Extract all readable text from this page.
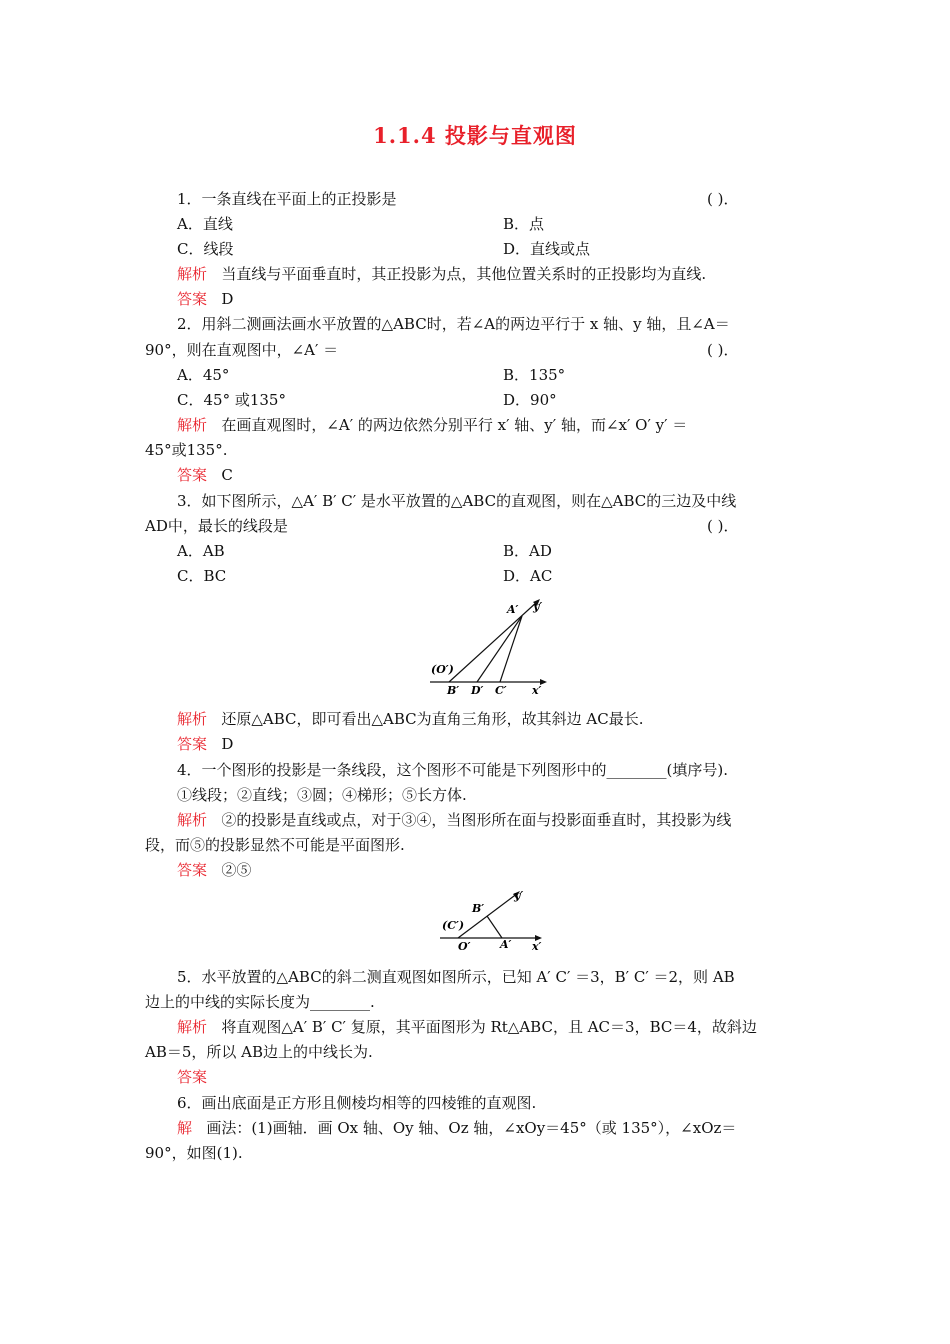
1.1.4 投影与直观图
1．一条直线在平面上的正投影是	( )．
A．直线	B．点
C．线段	D．直线或点
解析 当直线与平面垂直时，其正投影为点，其他位置关系时的正投影均为直线.
答案 D
2．用斜二测画法画水平放置的△ABC时，若∠A的两边平行于 x 轴、y 轴，且∠A＝
90°，则在直观图中，∠A′ ＝	( )．
A．45°	B．135°
C．45° 或135°	D．90°
解析 在画直观图时，∠A′ 的两边依然分别平行 x′ 轴、y′ 轴，而∠x′ O′ y′ ＝
45°或135°.
答案 C
3．如下图所示，△A′ B′ C′ 是水平放置的△ABC的直观图，则在△ABC的三边及中线
AD中，最长的线段是	( )．
A．AB	B．AD
C．BC	D．AC
A′ y′
(O′)
B′ D′ C′ x′
解析 还原△ABC，即可看出△ABC为直角三角形，故其斜边 AC最长.
答案 D
4．一个图形的投影是一条线段，这个图形不可能是下列图形中的________(填序号).
①线段；②直线；③圆；④梯形；⑤长方体.
解析 ②的投影是直线或点，对于③④，当图形所在面与投影面垂直时，其投影为线
段，而⑤的投影显然不可能是平面图形.
答案 ②⑤
B′
y′
(C′)
O′	A′ x′
5．水平放置的△ABC的斜二测直观图如图所示，已知 A′ C′ ＝3，B′ C′ ＝2，则 AB
边上的中线的实际长度为________.
解析 将直观图△A′ B′ C′ 复原，其平面图形为 Rt△ABC，且 AC＝3，BC＝4，故斜边
AB＝5，所以 AB边上的中线长为.
答案
6．画出底面是正方形且侧棱均相等的四棱锥的直观图.
解 画法：(1)画轴．画 Ox 轴、Oy 轴、Oz 轴，∠xOy＝45°（或 135°），∠xOz＝
90°，如图(1).
